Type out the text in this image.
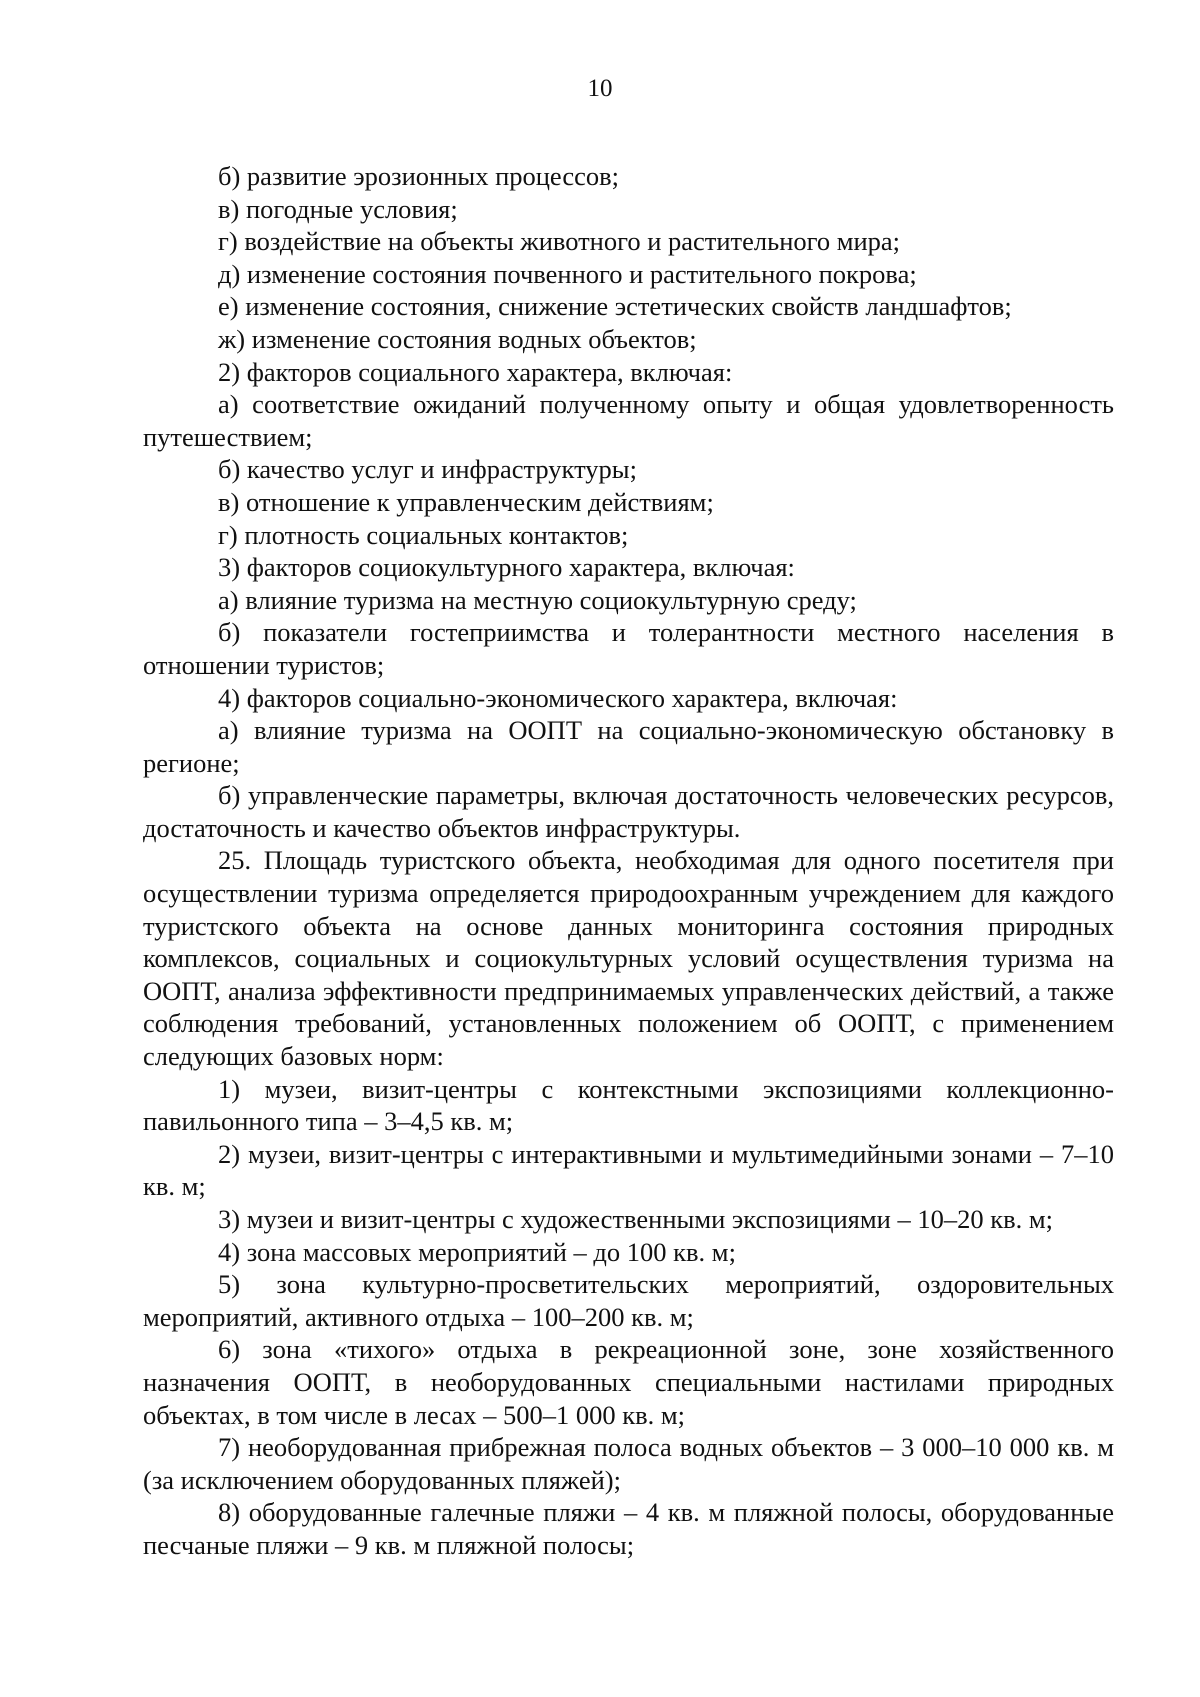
10

б) развитие эрозионных процессов;

в) погодные условия;

г) воздействие на объекты животного и растительного мира;

д) изменение состояния почвенного и растительного покрова;

е) изменение состояния, снижение эстетических свойств ландшафтов;

ж) изменение состояния водных объектов;

2) факторов социального характера, включая:

а) соответствие ожиданий полученному опыту и общая удовлетворенность путешествием;

б) качество услуг и инфраструктуры;

в) отношение к управленческим действиям;

г) плотность социальных контактов;

3) факторов социокультурного характера, включая:

а) влияние туризма на местную социокультурную среду;

б) показатели гостеприимства и толерантности местного населения в отношении туристов;

4) факторов социально-экономического характера, включая:

а) влияние туризма на ООПТ на социально-экономическую обстановку в регионе;

б) управленческие параметры, включая достаточность человеческих ресурсов, достаточность и качество объектов инфраструктуры.

25. Площадь туристского объекта, необходимая для одного посетителя при осуществлении туризма определяется природоохранным учреждением для каждого туристского объекта на основе данных мониторинга состояния природных комплексов, социальных и социокультурных условий осуществления туризма на ООПТ, анализа эффективности предпринимаемых управленческих действий, а также соблюдения требований, установленных положением об ООПТ, с применением следующих базовых норм:

1) музеи, визит-центры с контекстными экспозициями коллекционно-павильонного типа – 3–4,5 кв. м;

2) музеи, визит-центры с интерактивными и мультимедийными зонами – 7–10 кв. м;

3) музеи и визит-центры с художественными экспозициями – 10–20 кв. м;

4) зона массовых мероприятий – до 100 кв. м;

5) зона культурно-просветительских мероприятий, оздоровительных мероприятий, активного отдыха – 100–200 кв. м;

6) зона «тихого» отдыха в рекреационной зоне, зоне хозяйственного назначения ООПТ, в необорудованных специальными настилами природных объектах, в том числе в лесах – 500–1 000 кв. м;

7) необорудованная прибрежная полоса водных объектов – 3 000–10 000 кв. м (за исключением оборудованных пляжей);

8) оборудованные галечные пляжи – 4 кв. м пляжной полосы, оборудованные песчаные пляжи – 9 кв. м пляжной полосы;
